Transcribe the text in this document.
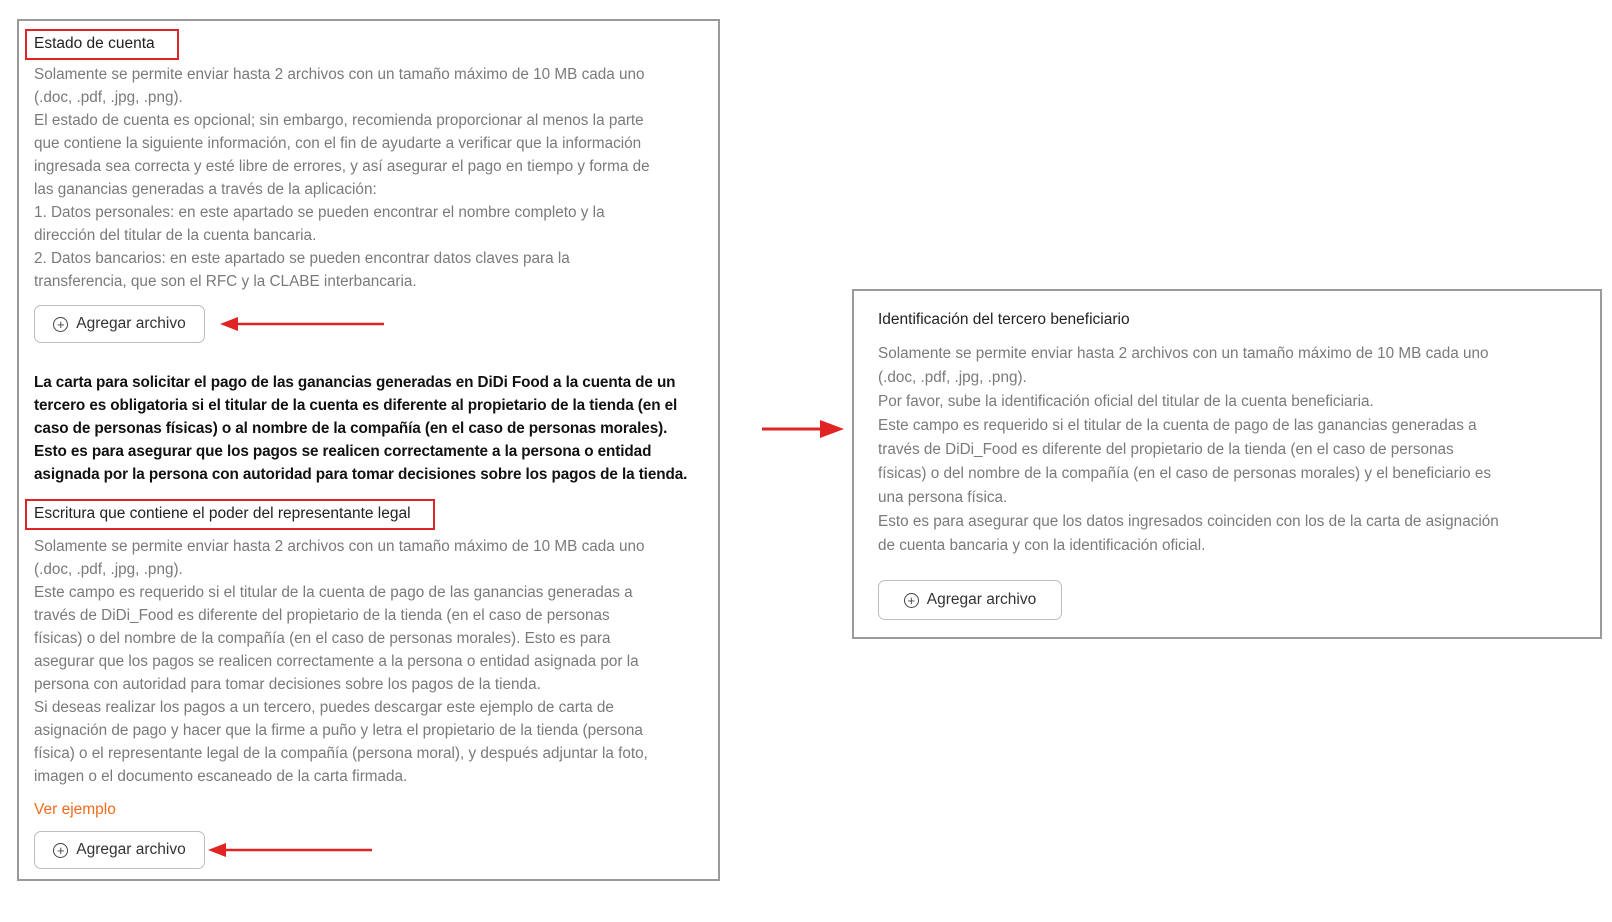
Estado de cuenta
Solamente se permite enviar hasta 2 archivos con un tamaño máximo de 10 MB cada uno
(.doc, .pdf, .jpg, .png).
El estado de cuenta es opcional; sin embargo, recomienda proporcionar al menos la parte
que contiene la siguiente información, con el fin de ayudarte a verificar que la información
ingresada sea correcta y esté libre de errores, y así asegurar el pago en tiempo y forma de
las ganancias generadas a través de la aplicación:
1. Datos personales: en este apartado se pueden encontrar el nombre completo y la
dirección del titular de la cuenta bancaria.
2. Datos bancarios: en este apartado se pueden encontrar datos claves para la
transferencia, que son el RFC y la CLABE interbancaria.
+ Agregar archivo
La carta para solicitar el pago de las ganancias generadas en DiDi Food a la cuenta de un
tercero es obligatoria si el titular de la cuenta es diferente al propietario de la tienda (en el
caso de personas físicas) o al nombre de la compañía (en el caso de personas morales).
Esto es para asegurar que los pagos se realicen correctamente a la persona o entidad
asignada por la persona con autoridad para tomar decisiones sobre los pagos de la tienda.
Escritura que contiene el poder del representante legal
Solamente se permite enviar hasta 2 archivos con un tamaño máximo de 10 MB cada uno
(.doc, .pdf, .jpg, .png).
Este campo es requerido si el titular de la cuenta de pago de las ganancias generadas a
través de DiDi_Food es diferente del propietario de la tienda (en el caso de personas
físicas) o del nombre de la compañía (en el caso de personas morales). Esto es para
asegurar que los pagos se realicen correctamente a la persona o entidad asignada por la
persona con autoridad para tomar decisiones sobre los pagos de la tienda.
Si deseas realizar los pagos a un tercero, puedes descargar este ejemplo de carta de
asignación de pago y hacer que la firme a puño y letra el propietario de la tienda (persona
física) o el representante legal de la compañía (persona moral), y después adjuntar la foto,
imagen o el documento escaneado de la carta firmada.
Ver ejemplo
+ Agregar archivo
Identificación del tercero beneficiario
Solamente se permite enviar hasta 2 archivos con un tamaño máximo de 10 MB cada uno
(.doc, .pdf, .jpg, .png).
Por favor, sube la identificación oficial del titular de la cuenta beneficiaria.
Este campo es requerido si el titular de la cuenta de pago de las ganancias generadas a
través de DiDi_Food es diferente del propietario de la tienda (en el caso de personas
físicas) o del nombre de la compañía (en el caso de personas morales) y el beneficiario es
una persona física.
Esto es para asegurar que los datos ingresados coinciden con los de la carta de asignación
de cuenta bancaria y con la identificación oficial.
+ Agregar archivo
